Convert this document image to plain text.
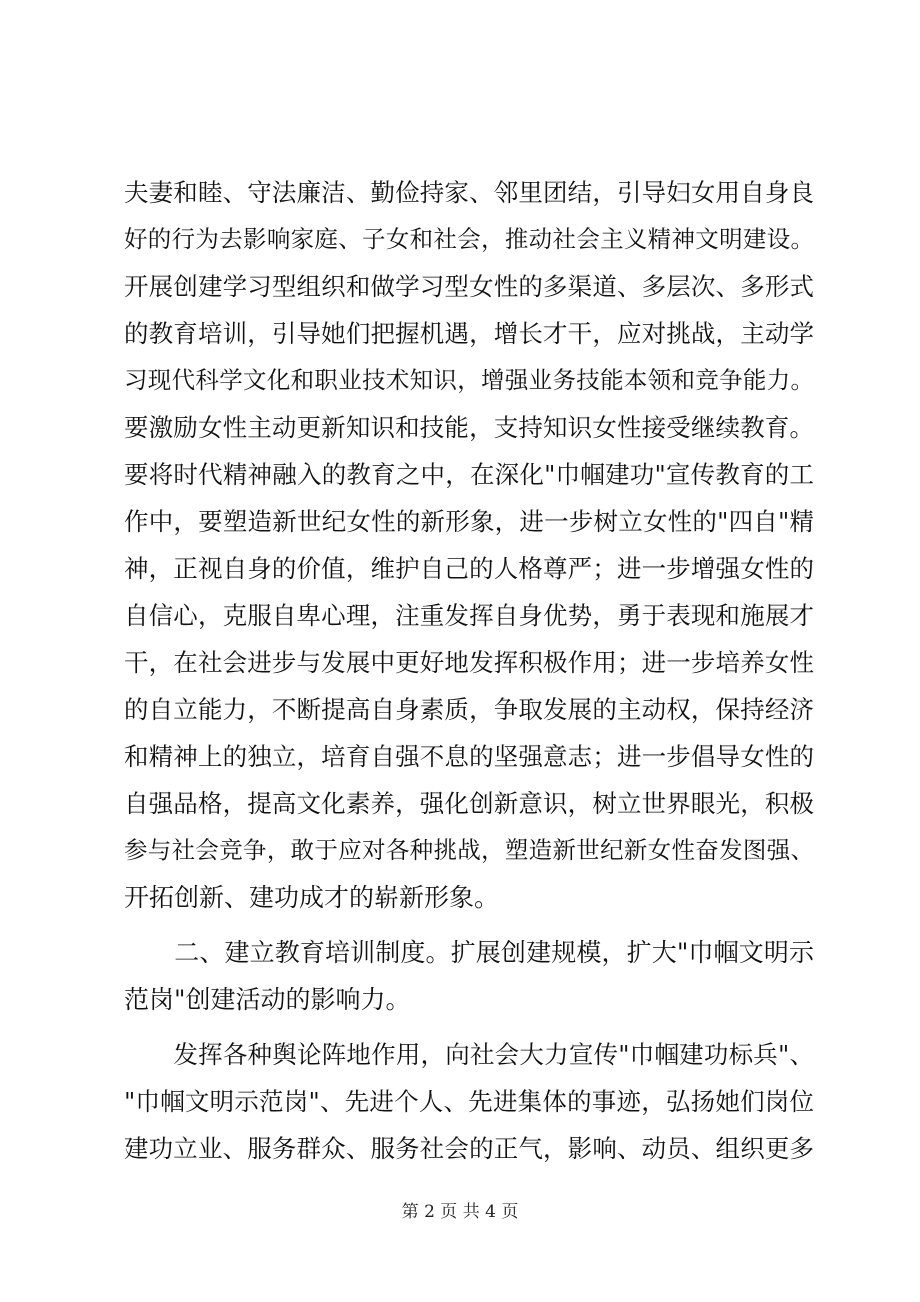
夫妻和睦、守法廉洁、勤俭持家、邻里团结，引导妇女用自身良
好的行为去影响家庭、子女和社会，推动社会主义精神文明建设。
开展创建学习型组织和做学习型女性的多渠道、多层次、多形式
的教育培训，引导她们把握机遇，增长才干，应对挑战，主动学
习现代科学文化和职业技术知识，增强业务技能本领和竞争能力。
要激励女性主动更新知识和技能，支持知识女性接受继续教育。
要将时代精神融入的教育之中，在深化"巾帼建功"宣传教育的工
作中，要塑造新世纪女性的新形象，进一步树立女性的"四自"精
神，正视自身的价值，维护自己的人格尊严；进一步增强女性的
自信心，克服自卑心理，注重发挥自身优势，勇于表现和施展才
干，在社会进步与发展中更好地发挥积极作用；进一步培养女性
的自立能力，不断提高自身素质，争取发展的主动权，保持经济
和精神上的独立，培育自强不息的坚强意志；进一步倡导女性的
自强品格，提高文化素养，强化创新意识，树立世界眼光，积极
参与社会竞争，敢于应对各种挑战，塑造新世纪新女性奋发图强、
开拓创新、建功成才的崭新形象。
　　二、建立教育培训制度。扩展创建规模，扩大"巾帼文明示
范岗"创建活动的影响力。
　　发挥各种舆论阵地作用，向社会大力宣传"巾帼建功标兵"、
"巾帼文明示范岗"、先进个人、先进集体的事迹，弘扬她们岗位
建功立业、服务群众、服务社会的正气，影响、动员、组织更多
第 2 页 共 4 页
